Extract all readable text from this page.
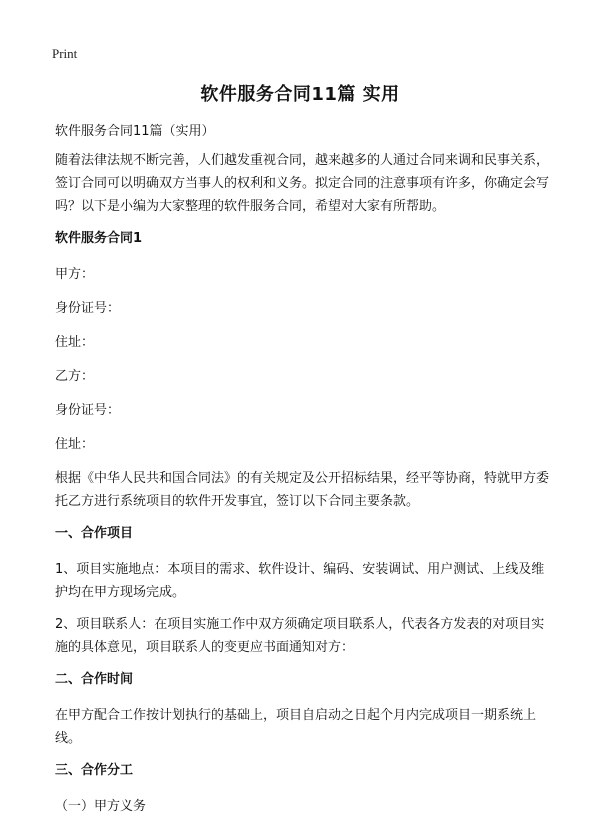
Print
软件服务合同11篇 实用

软件服务合同11篇（实用）

随着法律法规不断完善，人们越发重视合同，越来越多的人通过合同来调和民事关系，签订合同可以明确双方当事人的权利和义务。拟定合同的注意事项有许多，你确定会写吗？以下是小编为大家整理的软件服务合同，希望对大家有所帮助。

软件服务合同1

甲方：

身份证号：

住址：

乙方：

身份证号：

住址：

根据《中华人民共和国合同法》的有关规定及公开招标结果，经平等协商，特就甲方委托乙方进行系统项目的软件开发事宜，签订以下合同主要条款。

一、合作项目

1、项目实施地点：本项目的需求、软件设计、编码、安装调试、用户测试、上线及维护均在甲方现场完成。

2、项目联系人：在项目实施工作中双方须确定项目联系人，代表各方发表的对项目实施的具体意见，项目联系人的变更应书面通知对方：

二、合作时间

在甲方配合工作按计划执行的基础上，项目自启动之日起个月内完成项目一期系统上线。

三、合作分工

（一）甲方义务
